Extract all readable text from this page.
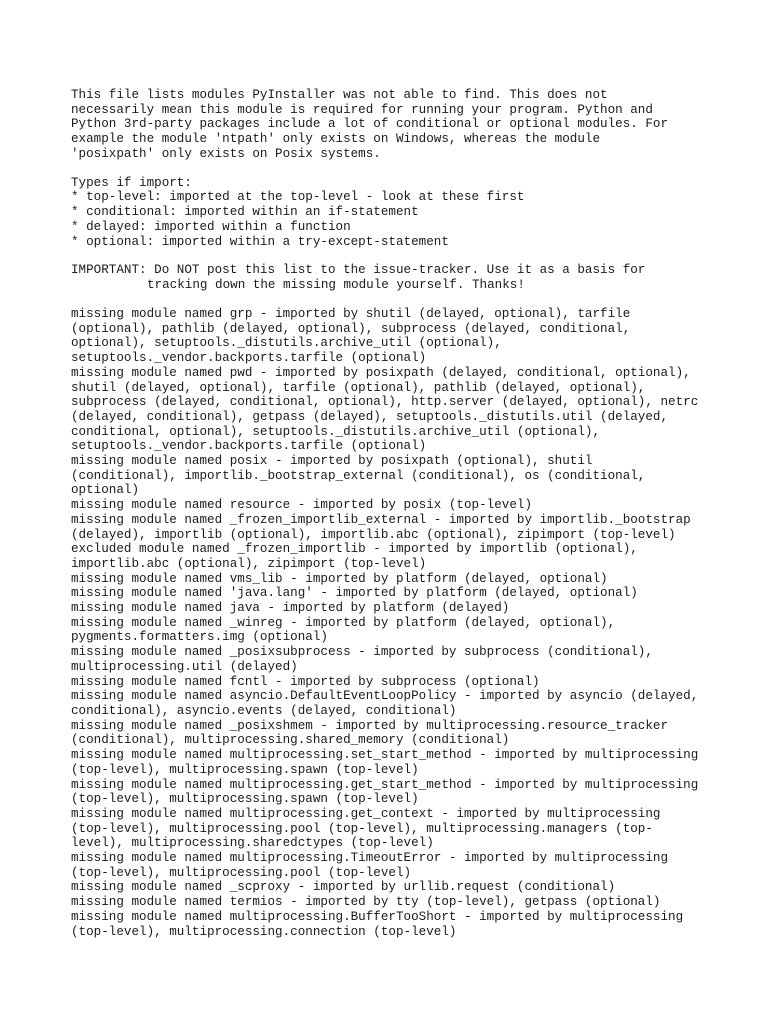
This file lists modules PyInstaller was not able to find. This does not
necessarily mean this module is required for running your program. Python and
Python 3rd-party packages include a lot of conditional or optional modules. For
example the module 'ntpath' only exists on Windows, whereas the module
'posixpath' only exists on Posix systems.
Types if import:
* top-level: imported at the top-level - look at these first
* conditional: imported within an if-statement
* delayed: imported within a function
* optional: imported within a try-except-statement
IMPORTANT: Do NOT post this list to the issue-tracker. Use it as a basis for
tracking down the missing module yourself. Thanks!
missing module named grp - imported by shutil (delayed, optional), tarfile
(optional), pathlib (delayed, optional), subprocess (delayed, conditional,
optional), setuptools._distutils.archive_util (optional),
setuptools._vendor.backports.tarfile (optional)
missing module named pwd - imported by posixpath (delayed, conditional, optional),
shutil (delayed, optional), tarfile (optional), pathlib (delayed, optional),
subprocess (delayed, conditional, optional), http.server (delayed, optional), netrc
(delayed, conditional), getpass (delayed), setuptools._distutils.util (delayed,
conditional, optional), setuptools._distutils.archive_util (optional),
setuptools._vendor.backports.tarfile (optional)
missing module named posix - imported by posixpath (optional), shutil
(conditional), importlib._bootstrap_external (conditional), os (conditional,
optional)
missing module named resource - imported by posix (top-level)
missing module named _frozen_importlib_external - imported by importlib._bootstrap
(delayed), importlib (optional), importlib.abc (optional), zipimport (top-level)
excluded module named _frozen_importlib - imported by importlib (optional),
importlib.abc (optional), zipimport (top-level)
missing module named vms_lib - imported by platform (delayed, optional)
missing module named 'java.lang' - imported by platform (delayed, optional)
missing module named java - imported by platform (delayed)
missing module named _winreg - imported by platform (delayed, optional),
pygments.formatters.img (optional)
missing module named _posixsubprocess - imported by subprocess (conditional),
multiprocessing.util (delayed)
missing module named fcntl - imported by subprocess (optional)
missing module named asyncio.DefaultEventLoopPolicy - imported by asyncio (delayed,
conditional), asyncio.events (delayed, conditional)
missing module named _posixshmem - imported by multiprocessing.resource_tracker
(conditional), multiprocessing.shared_memory (conditional)
missing module named multiprocessing.set_start_method - imported by multiprocessing
(top-level), multiprocessing.spawn (top-level)
missing module named multiprocessing.get_start_method - imported by multiprocessing
(top-level), multiprocessing.spawn (top-level)
missing module named multiprocessing.get_context - imported by multiprocessing
(top-level), multiprocessing.pool (top-level), multiprocessing.managers (top-
level), multiprocessing.sharedctypes (top-level)
missing module named multiprocessing.TimeoutError - imported by multiprocessing
(top-level), multiprocessing.pool (top-level)
missing module named _scproxy - imported by urllib.request (conditional)
missing module named termios - imported by tty (top-level), getpass (optional)
missing module named multiprocessing.BufferTooShort - imported by multiprocessing
(top-level), multiprocessing.connection (top-level)
